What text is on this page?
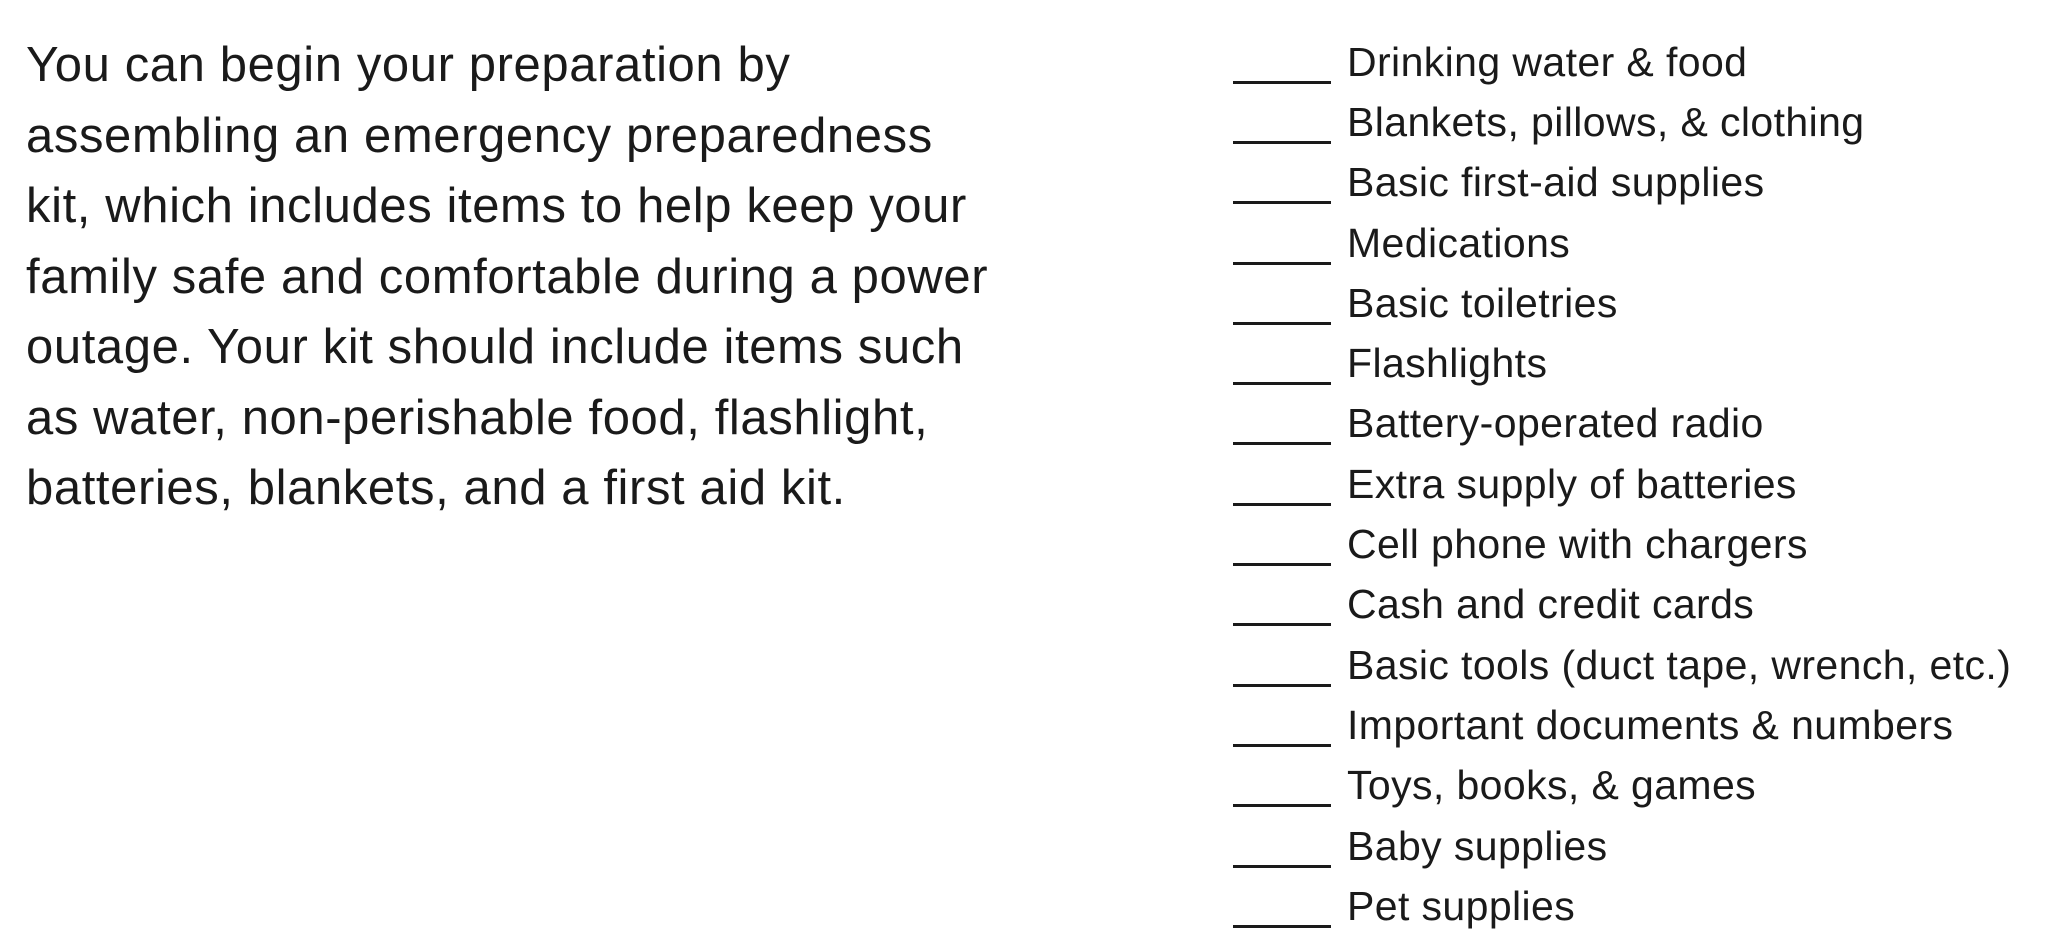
You can begin your preparation by
assembling an emergency preparedness
kit, which includes items to help keep your
family safe and comfortable during a power
outage. Your kit should include items such
as water, non-perishable food, flashlight,
batteries, blankets, and a first aid kit.

Drinking water & food
Blankets, pillows, & clothing
Basic first-aid supplies
Medications
Basic toiletries
Flashlights
Battery-operated radio
Extra supply of batteries
Cell phone with chargers
Cash and credit cards
Basic tools (duct tape, wrench, etc.)
Important documents & numbers
Toys, books, & games
Baby supplies
Pet supplies
